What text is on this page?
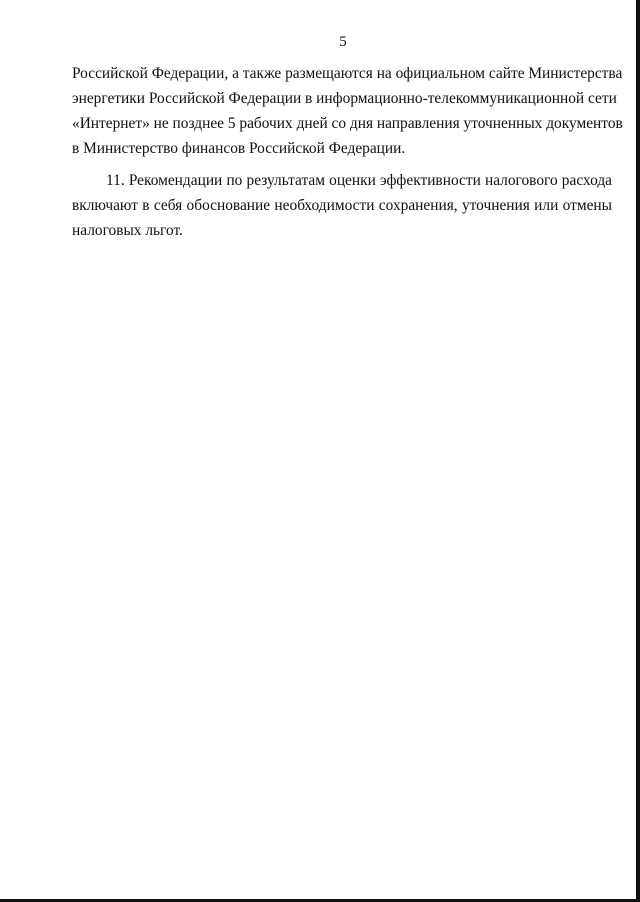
5
Российской Федерации, а также размещаются на официальном сайте Министерства
энергетики Российской Федерации в информационно-телекоммуникационной сети
«Интернет» не позднее 5 рабочих дней со дня направления уточненных документов
в Министерство финансов Российской Федерации.
11. Рекомендации по результатам оценки эффективности налогового расхода
включают в себя обоснование необходимости сохранения, уточнения или отмены
налоговых льгот.
